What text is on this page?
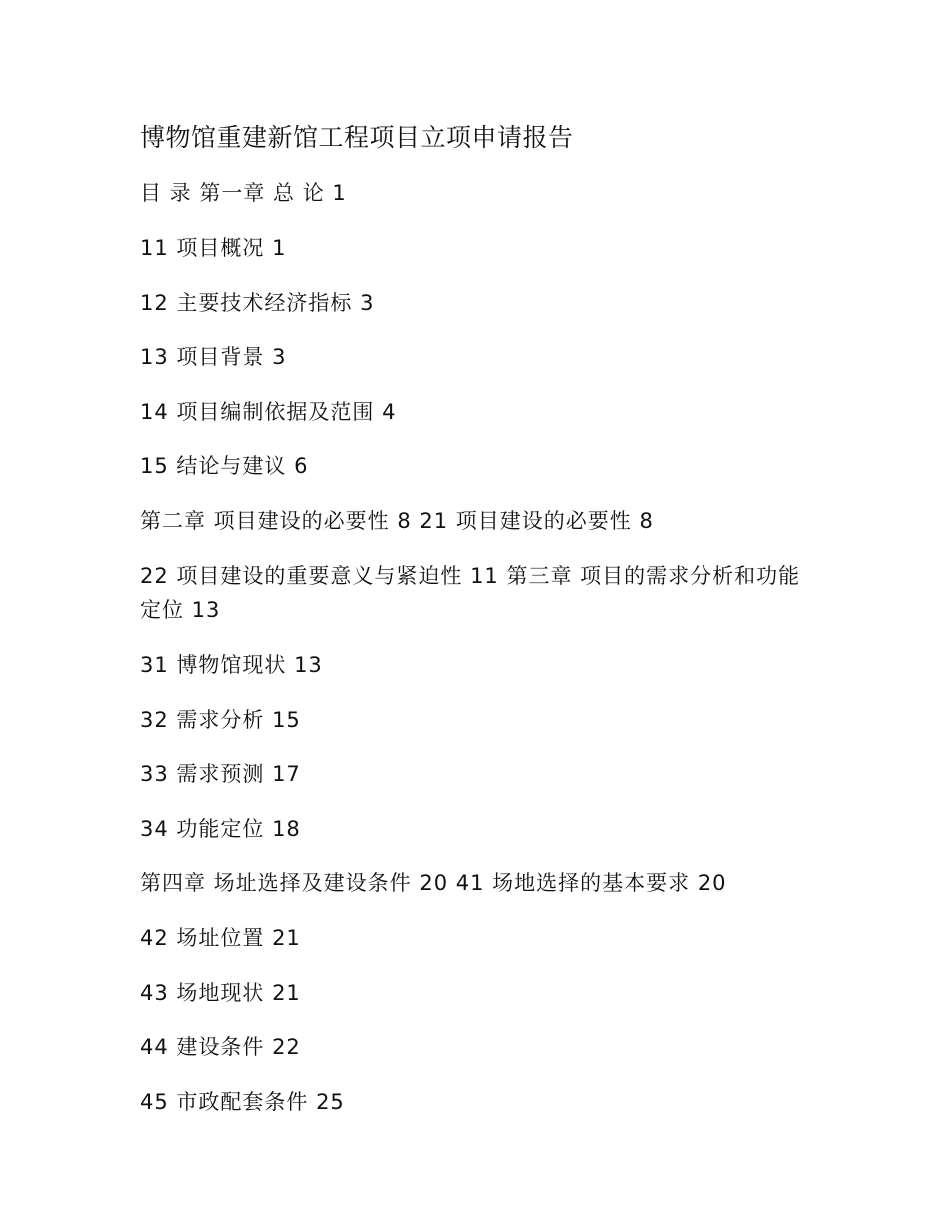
博物馆重建新馆工程项目立项申请报告
目 录 第一章 总 论 1
11 项目概况 1
12 主要技术经济指标 3
13 项目背景 3
14 项目编制依据及范围 4
15 结论与建议 6
第二章 项目建设的必要性 8 21 项目建设的必要性 8
22 项目建设的重要意义与紧迫性 11 第三章 项目的需求分析和功能定位 13
31 博物馆现状 13
32 需求分析 15
33 需求预测 17
34 功能定位 18
第四章 场址选择及建设条件 20 41 场地选择的基本要求 20
42 场址位置 21
43 场地现状 21
44 建设条件 22
45 市政配套条件 25
